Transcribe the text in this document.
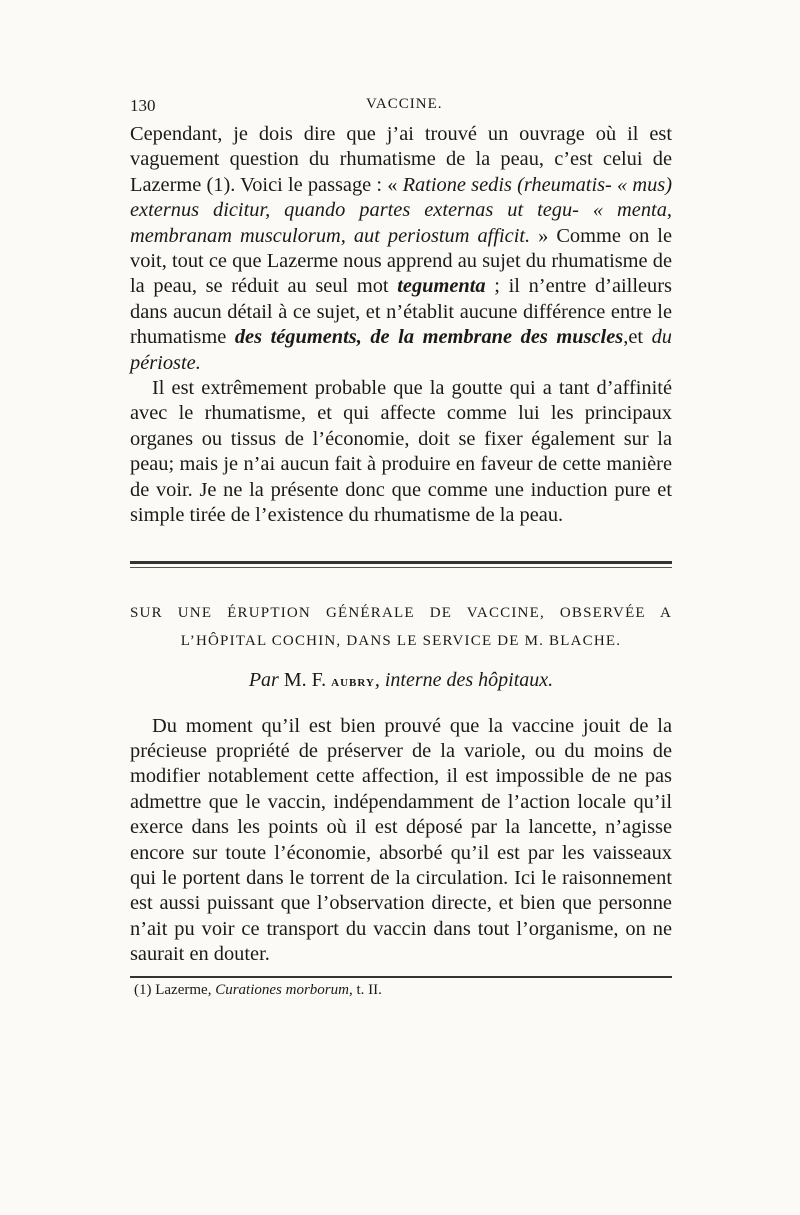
130	VACCINE.

Cependant, je dois dire que j’ai trouvé un ouvrage où il est vaguement question du rhumatisme de la peau, c’est celui de Lazerme (1). Voici le passage : « Ratione sedis (rheumatis- « mus) externus dicitur, quando partes externas ut tegu- « menta, membranam musculorum, aut periostum afficit. » Comme on le voit, tout ce que Lazerme nous apprend au sujet du rhumatisme de la peau, se réduit au seul mot tegumenta ; il n’entre d’ailleurs dans aucun détail à ce sujet, et n’établit aucune différence entre le rhumatisme des téguments, de la membrane des muscles,et du périoste.

Il est extrêmement probable que la goutte qui a tant d’affinité avec le rhumatisme, et qui affecte comme lui les principaux organes ou tissus de l’économie, doit se fixer également sur la peau; mais je n’ai aucun fait à produire en faveur de cette manière de voir. Je ne la présente donc que comme une induction pure et simple tirée de l’existence du rhumatisme de la peau.

SUR UNE ÉRUPTION GÉNÉRALE DE VACCINE, OBSERVÉE A
L’HÔPITAL COCHIN, DANS LE SERVICE DE M. BLACHE.
Par M. F. AUBRY, interne des hôpitaux.

Du moment qu’il est bien prouvé que la vaccine jouit de la précieuse propriété de préserver de la variole, ou du moins de modifier notablement cette affection, il est impossible de ne pas admettre que le vaccin, indépendamment de l’action locale qu’il exerce dans les points où il est déposé par la lancette, n’agisse encore sur toute l’économie, absorbé qu’il est par les vaisseaux qui le portent dans le torrent de la circulation. Ici le raisonnement est aussi puissant que l’observation directe, et bien que personne n’ait pu voir ce transport du vaccin dans tout l’organisme, on ne saurait en douter.

(1) Lazerme, Curationes morborum, t. II.
